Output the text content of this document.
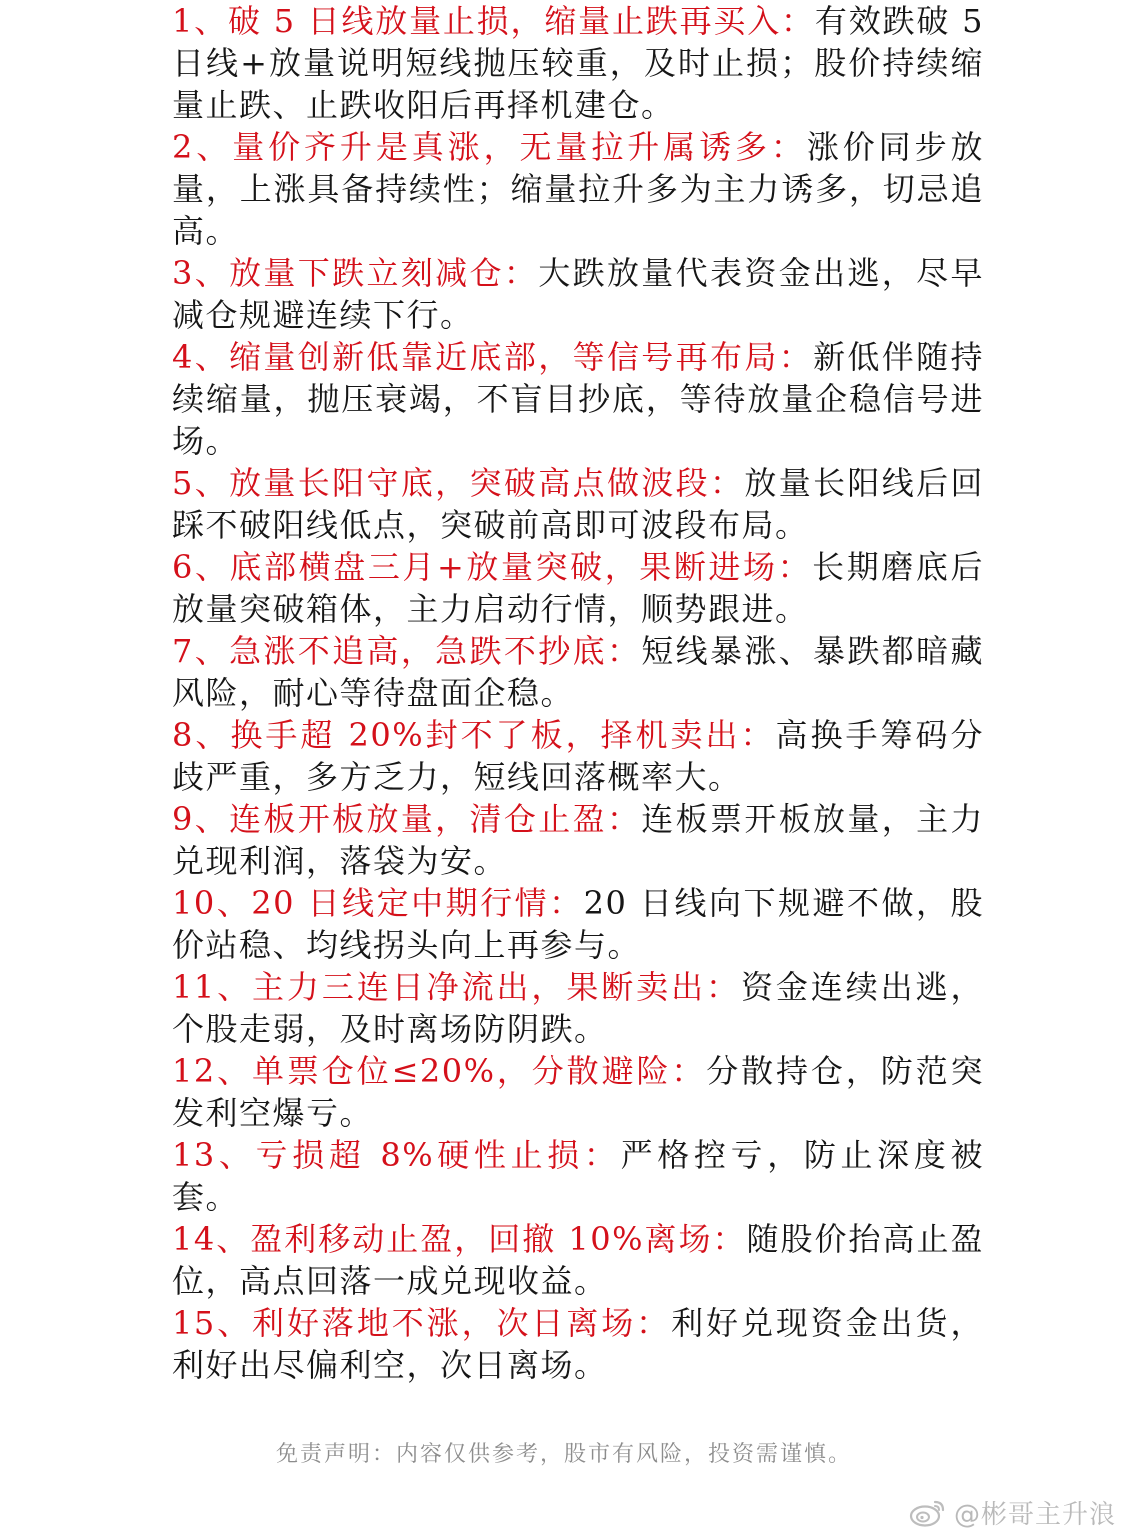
1、破 5 日线放量止损，缩量止跌再买入：有效跌破 5 日线+放量说明短线抛压较重，及时止损；股价持续缩量止跌、止跌收阳后再择机建仓。
2、量价齐升是真涨，无量拉升属诱多：涨价同步放量，上涨具备持续性；缩量拉升多为主力诱多，切忌追高。
3、放量下跌立刻减仓：大跌放量代表资金出逃，尽早减仓规避连续下行。
4、缩量创新低靠近底部，等信号再布局：新低伴随持续缩量，抛压衰竭，不盲目抄底，等待放量企稳信号进场。
5、放量长阳守底，突破高点做波段：放量长阳线后回踩不破阳线低点，突破前高即可波段布局。
6、底部横盘三月+放量突破，果断进场：长期磨底后放量突破箱体，主力启动行情，顺势跟进。
7、急涨不追高，急跌不抄底：短线暴涨、暴跌都暗藏风险，耐心等待盘面企稳。
8、换手超 20%封不了板，择机卖出：高换手筹码分歧严重，多方乏力，短线回落概率大。
9、连板开板放量，清仓止盈：连板票开板放量，主力兑现利润，落袋为安。
10、20 日线定中期行情：20 日线向下规避不做，股价站稳、均线拐头向上再参与。
11、主力三连日净流出，果断卖出：资金连续出逃，个股走弱，及时离场防阴跌。
12、单票仓位≤20%，分散避险：分散持仓，防范突发利空爆亏。
13、亏损超 8%硬性止损：严格控亏，防止深度被套。
14、盈利移动止盈，回撤 10%离场：随股价抬高止盈位，高点回落一成兑现收益。
15、利好落地不涨，次日离场：利好兑现资金出货，利好出尽偏利空，次日离场。
免责声明：内容仅供参考，股市有风险，投资需谨慎。
@彬哥主升浪
